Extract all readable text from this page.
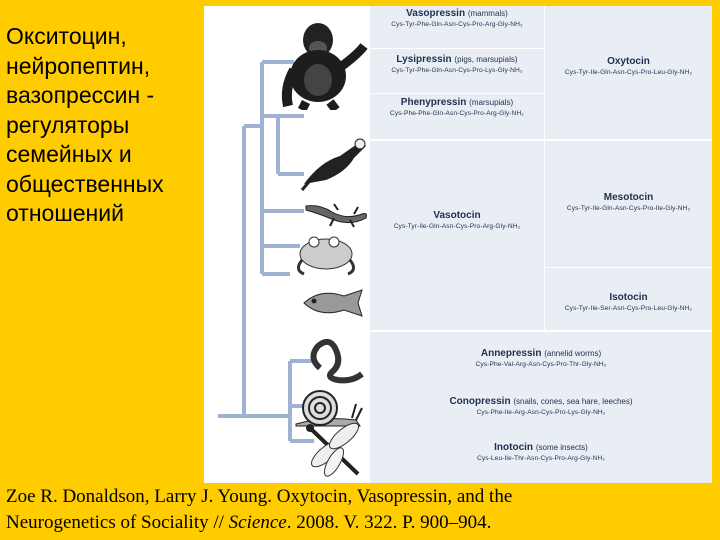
Окситоцин,
нейропептин,
вазопрессин -
регуляторы
семейных и
общественных
отношений
Vasopressin (mammals)
Cys-Tyr-Phe-Gln-Asn-Cys-Pro-Arg-Gly-NH₂
Lysipressin (pigs, marsupials)
Cys-Tyr-Phe-Gln-Asn-Cys-Pro-Lys-Gly-NH₂
Phenypressin (marsupials)
Cys-Phe-Phe-Gln-Asn-Cys-Pro-Arg-Gly-NH₂
Oxytocin
Cys-Tyr-Ile-Gln-Asn-Cys-Pro-Leu-Gly-NH₂
Vasotocin
Cys-Tyr-Ile-Gln-Asn-Cys-Pro-Arg-Gly-NH₂
Mesotocin
Cys-Tyr-Ile-Gln-Asn-Cys-Pro-Ile-Gly-NH₂
Isotocin
Cys-Tyr-Ile-Ser-Asn-Cys-Pro-Leu-Gly-NH₂
Annepressin (annelid worms)
Cys-Phe-Val-Arg-Asn-Cys-Pro-Thr-Gly-NH₂
Conopressin (snails, cones, sea hare, leeches)
Cys-Phe-Ile-Arg-Asn-Cys-Pro-Lys-Gly-NH₂
Inotocin (some insects)
Cys-Leu-Ile-Thr-Asn-Cys-Pro-Arg-Gly-NH₂
Zoe R. Donaldson, Larry J. Young. Oxytocin, Vasopressin, and the
Neurogenetics of Sociality // Science. 2008. V. 322. P. 900–904.
